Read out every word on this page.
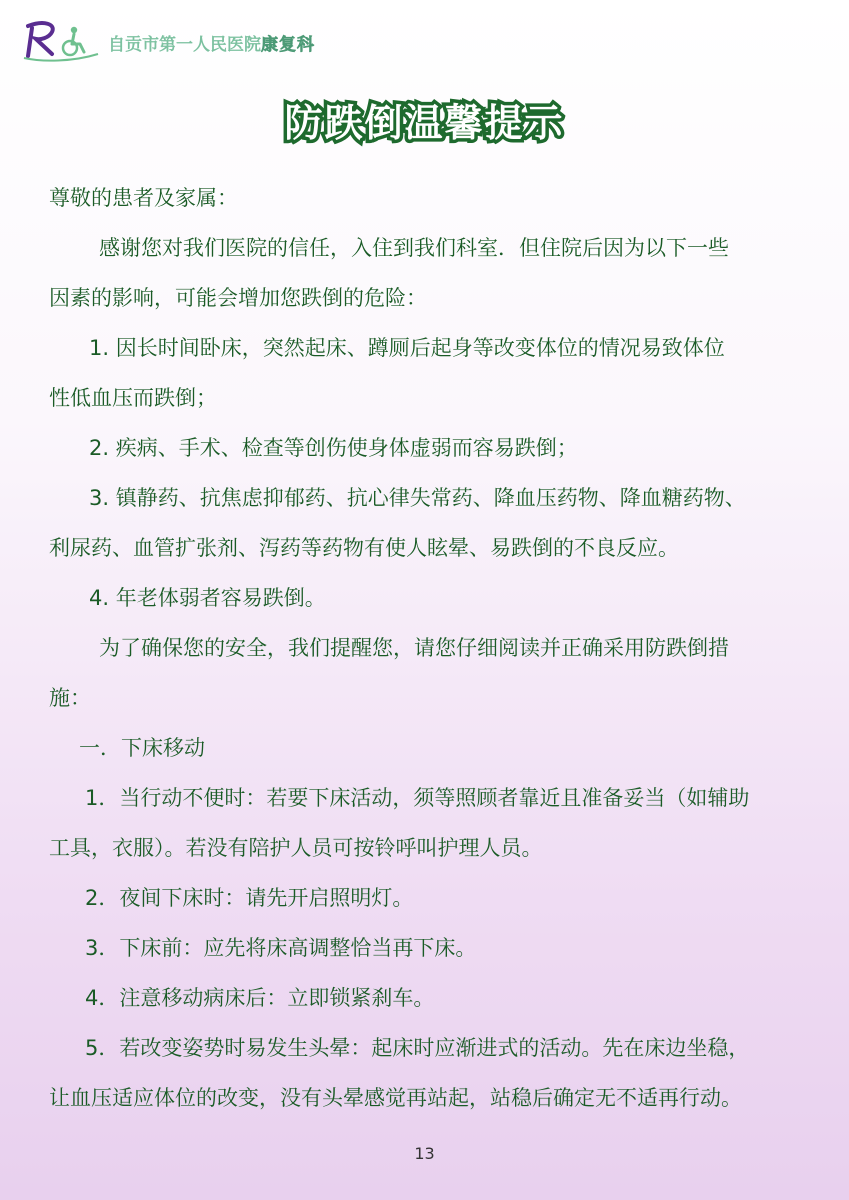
自贡市第一人民医院康复科
防跌倒温馨提示

尊敬的患者及家属：

感谢您对我们医院的信任，入住到我们科室．但住院后因为以下一些

因素的影响，可能会增加您跌倒的危险：

1. 因长时间卧床，突然起床、蹲厕后起身等改变体位的情况易致体位

性低血压而跌倒；

2. 疾病、手术、检查等创伤使身体虚弱而容易跌倒；

3. 镇静药、抗焦虑抑郁药、抗心律失常药、降血压药物、降血糖药物、

利尿药、血管扩张剂、泻药等药物有使人眩晕、易跌倒的不良反应。

4. 年老体弱者容易跌倒。

为了确保您的安全，我们提醒您，请您仔细阅读并正确采用防跌倒措

施：

一．下床移动

1．当行动不便时：若要下床活动，须等照顾者靠近且准备妥当（如辅助

工具，衣服）。若没有陪护人员可按铃呼叫护理人员。

2．夜间下床时：请先开启照明灯。

3．下床前：应先将床高调整恰当再下床。

4．注意移动病床后：立即锁紧刹车。

5．若改变姿势时易发生头晕：起床时应渐进式的活动。先在床边坐稳，

让血压适应体位的改变，没有头晕感觉再站起，站稳后确定无不适再行动。

13
